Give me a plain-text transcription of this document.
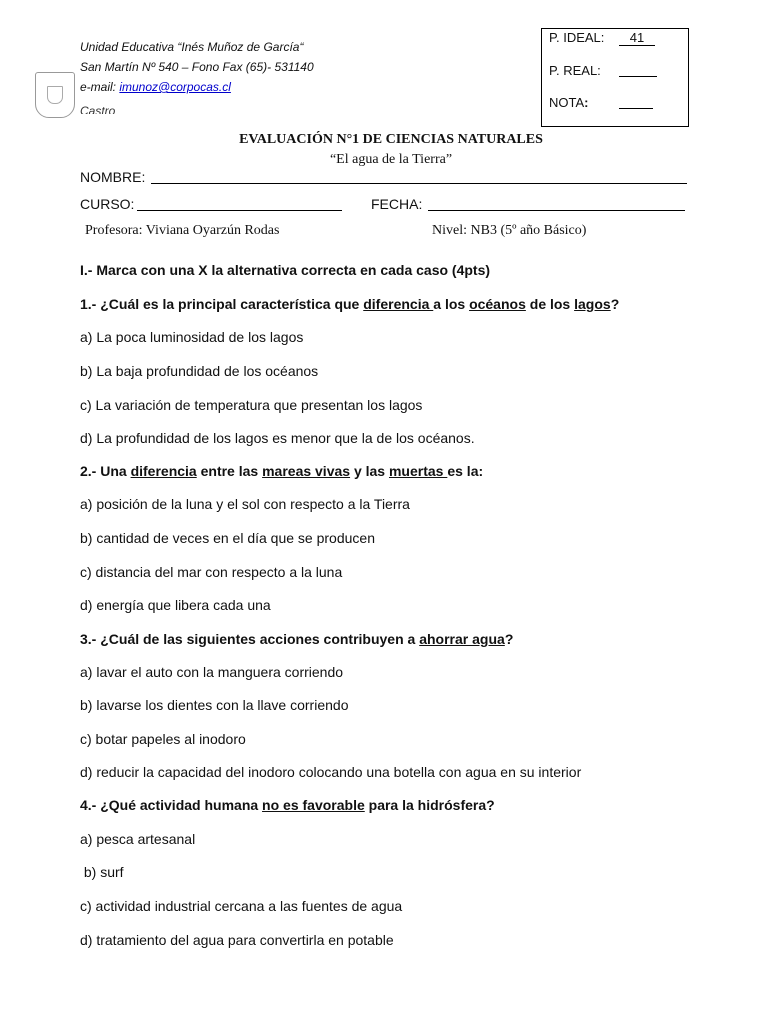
Unidad Educativa “Inés Muñoz de García“
San Martín Nº 540 – Fono Fax (65)- 531140
e-mail: imunoz@corpocas.cl
Castro
P. IDEAL: 41
P. REAL:
NOTA:
EVALUACIÓN N°1 DE CIENCIAS NATURALES
“El agua de la Tierra”
NOMBRE:
CURSO:	FECHA:
Profesora: Viviana Oyarzún Rodas	Nivel: NB3 (5º año Básico)
I.- Marca con una X la alternativa correcta en cada caso (4pts)
1.- ¿Cuál es la principal característica que diferencia a los océanos de los lagos?
a) La poca luminosidad de los lagos
b) La baja profundidad de los océanos
c) La variación de temperatura que presentan los lagos
d) La profundidad de los lagos es menor que la de los océanos.
2.- Una diferencia entre las mareas vivas y las muertas es la:
a) posición de la luna y el sol con respecto a la Tierra
b) cantidad de veces en el día que se producen
c) distancia del mar con respecto a la luna
d) energía que libera cada una
3.- ¿Cuál de las siguientes acciones contribuyen a ahorrar agua?
a) lavar el auto con la manguera corriendo
b) lavarse los dientes con la llave corriendo
c) botar papeles al inodoro
d) reducir la capacidad del inodoro colocando una botella con agua en su interior
4.- ¿Qué actividad humana no es favorable para la hidrósfera?
a) pesca artesanal
b) surf
c) actividad industrial cercana a las fuentes de agua
d) tratamiento del agua para convertirla en potable
